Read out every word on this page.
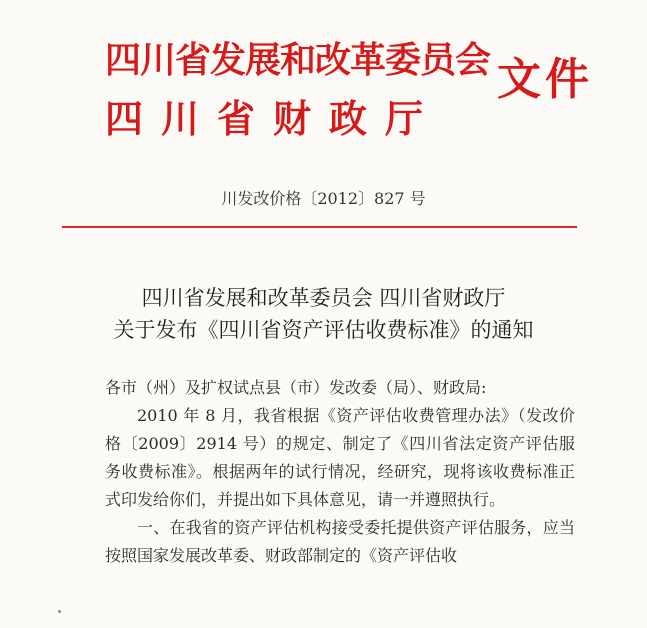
四川省发展和改革委员会
四川省财政厅
文件
川发改价格〔2012〕827 号
四川省发展和改革委员会 四川省财政厅
关于发布《四川省资产评估收费标准》的通知

各市（州）及扩权试点县（市）发改委（局）、财政局:

2010 年 8 月，我省根据《资产评估收费管理办法》（发改价格〔2009〕2914 号）的规定、制定了《四川省法定资产评估服务收费标准》。根据两年的试行情况，经研究，现将该收费标准正式印发给你们，并提出如下具体意见，请一并遵照执行。

一、在我省的资产评估机构接受委托提供资产评估服务，应当按照国家发展改革委、财政部制定的《资产评估收
